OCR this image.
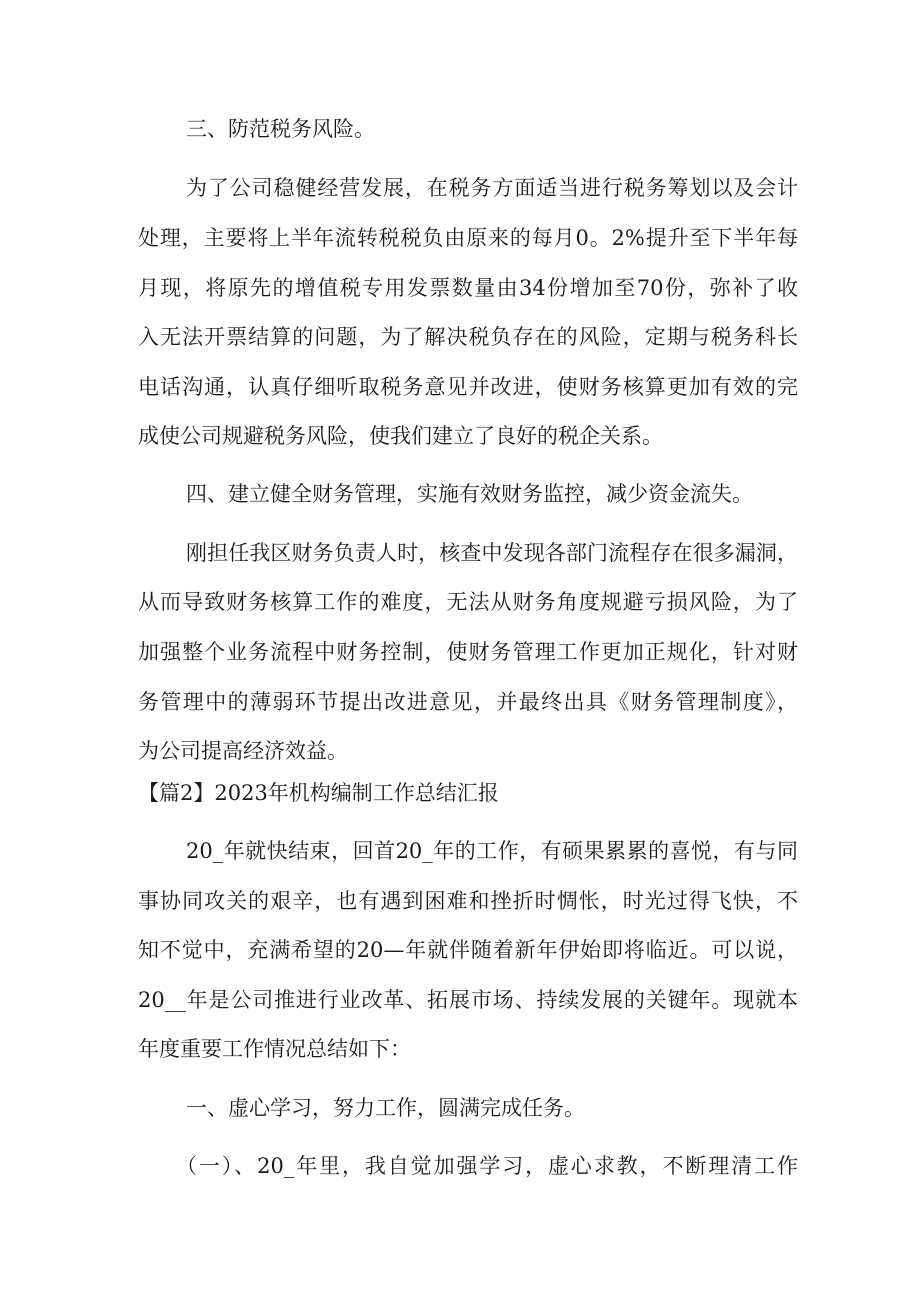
三、防范税务风险。
为了公司稳健经营发展，在税务方面适当进行税务筹划以及会计
处理，主要将上半年流转税税负由原来的每月0。2%提升至下半年每
月现，将原先的增值税专用发票数量由34份增加至70份，弥补了收
入无法开票结算的问题，为了解决税负存在的风险，定期与税务科长
电话沟通，认真仔细听取税务意见并改进，使财务核算更加有效的完
成使公司规避税务风险，使我们建立了良好的税企关系。
四、建立健全财务管理，实施有效财务监控，减少资金流失。
刚担任我区财务负责人时，核查中发现各部门流程存在很多漏洞，
从而导致财务核算工作的难度，无法从财务角度规避亏损风险，为了
加强整个业务流程中财务控制，使财务管理工作更加正规化，针对财
务管理中的薄弱环节提出改进意见，并最终出具《财务管理制度》，
为公司提高经济效益。
【篇2】2023年机构编制工作总结汇报
20_年就快结束，回首20_年的工作，有硕果累累的喜悦，有与同
事协同攻关的艰辛，也有遇到困难和挫折时惆怅，时光过得飞快，不
知不觉中，充满希望的20—年就伴随着新年伊始即将临近。可以说，
20__年是公司推进行业改革、拓展市场、持续发展的关键年。现就本
年度重要工作情况总结如下：
一、虚心学习，努力工作，圆满完成任务。
（一）、20_年里，我自觉加强学习，虚心求教，不断理清工作
